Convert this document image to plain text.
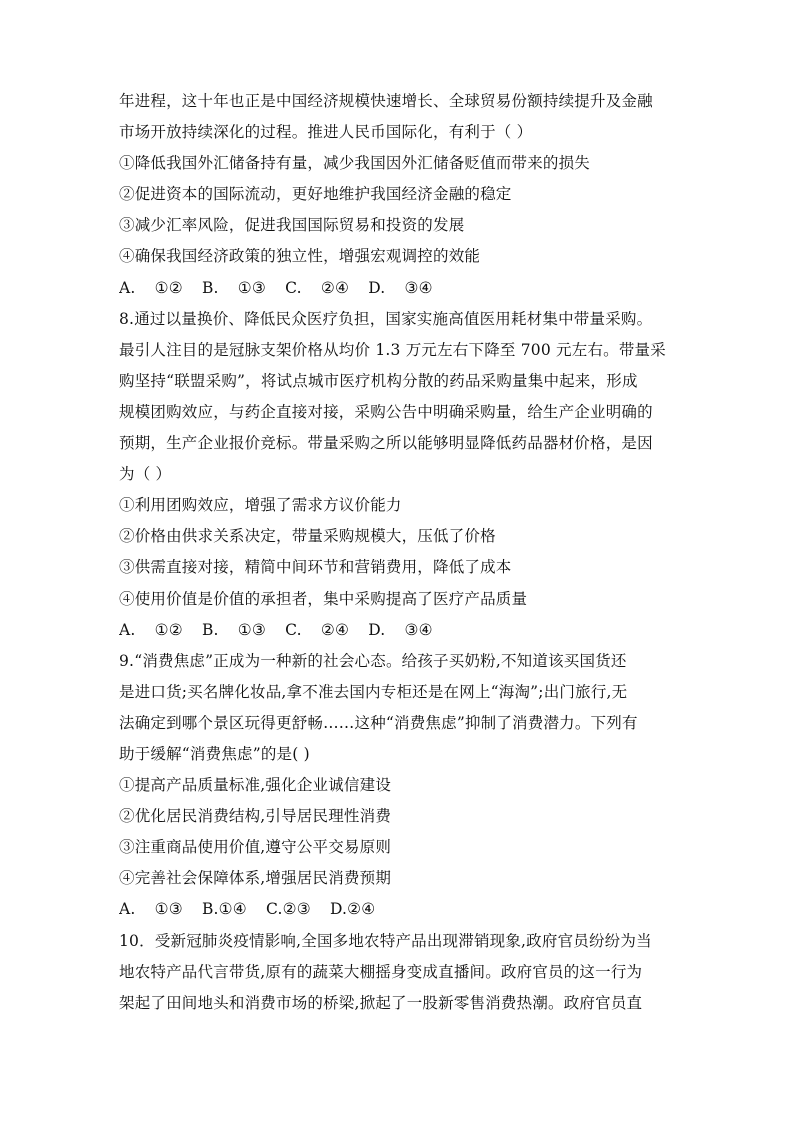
年进程，这十年也正是中国经济规模快速增长、全球贸易份额持续提升及金融
市场开放持续深化的过程。推进人民币国际化，有利于（ ）
①降低我国外汇储备持有量，减少我国因外汇储备贬值而带来的损失
②促进资本的国际流动，更好地维护我国经济金融的稳定
③减少汇率风险，促进我国国际贸易和投资的发展
④确保我国经济政策的独立性，增强宏观调控的效能
A. ①② B. ①③ C. ②④ D. ③④
8.通过以量换价、降低民众医疗负担，国家实施高值医用耗材集中带量采购。
最引人注目的是冠脉支架价格从均价 1.3 万元左右下降至 700 元左右。带量采
购坚持“联盟采购”，将试点城市医疗机构分散的药品采购量集中起来，形成
规模团购效应，与药企直接对接，采购公告中明确采购量，给生产企业明确的
预期，生产企业报价竞标。带量采购之所以能够明显降低药品器材价格，是因
为（ ）
①利用团购效应，增强了需求方议价能力
②价格由供求关系决定，带量采购规模大，压低了价格
③供需直接对接，精简中间环节和营销费用，降低了成本
④使用价值是价值的承担者，集中采购提高了医疗产品质量
A. ①② B. ①③ C. ②④ D. ③④
9.“消费焦虑”正成为一种新的社会心态。给孩子买奶粉,不知道该买国货还
是进口货;买名牌化妆品,拿不准去国内专柜还是在网上“海淘”;出门旅行,无
法确定到哪个景区玩得更舒畅……这种“消费焦虑”抑制了消费潜力。下列有
助于缓解“消费焦虑”的是( )
①提高产品质量标准,强化企业诚信建设
②优化居民消费结构,引导居民理性消费
③注重商品使用价值,遵守公平交易原则
④完善社会保障体系,增强居民消费预期
A. ①③ B.①④ C.②③ D.②④
10．受新冠肺炎疫情影响,全国多地农特产品出现滞销现象,政府官员纷纷为当
地农特产品代言带货,原有的蔬菜大棚摇身变成直播间。政府官员的这一行为
架起了田间地头和消费市场的桥梁,掀起了一股新零售消费热潮。政府官员直
